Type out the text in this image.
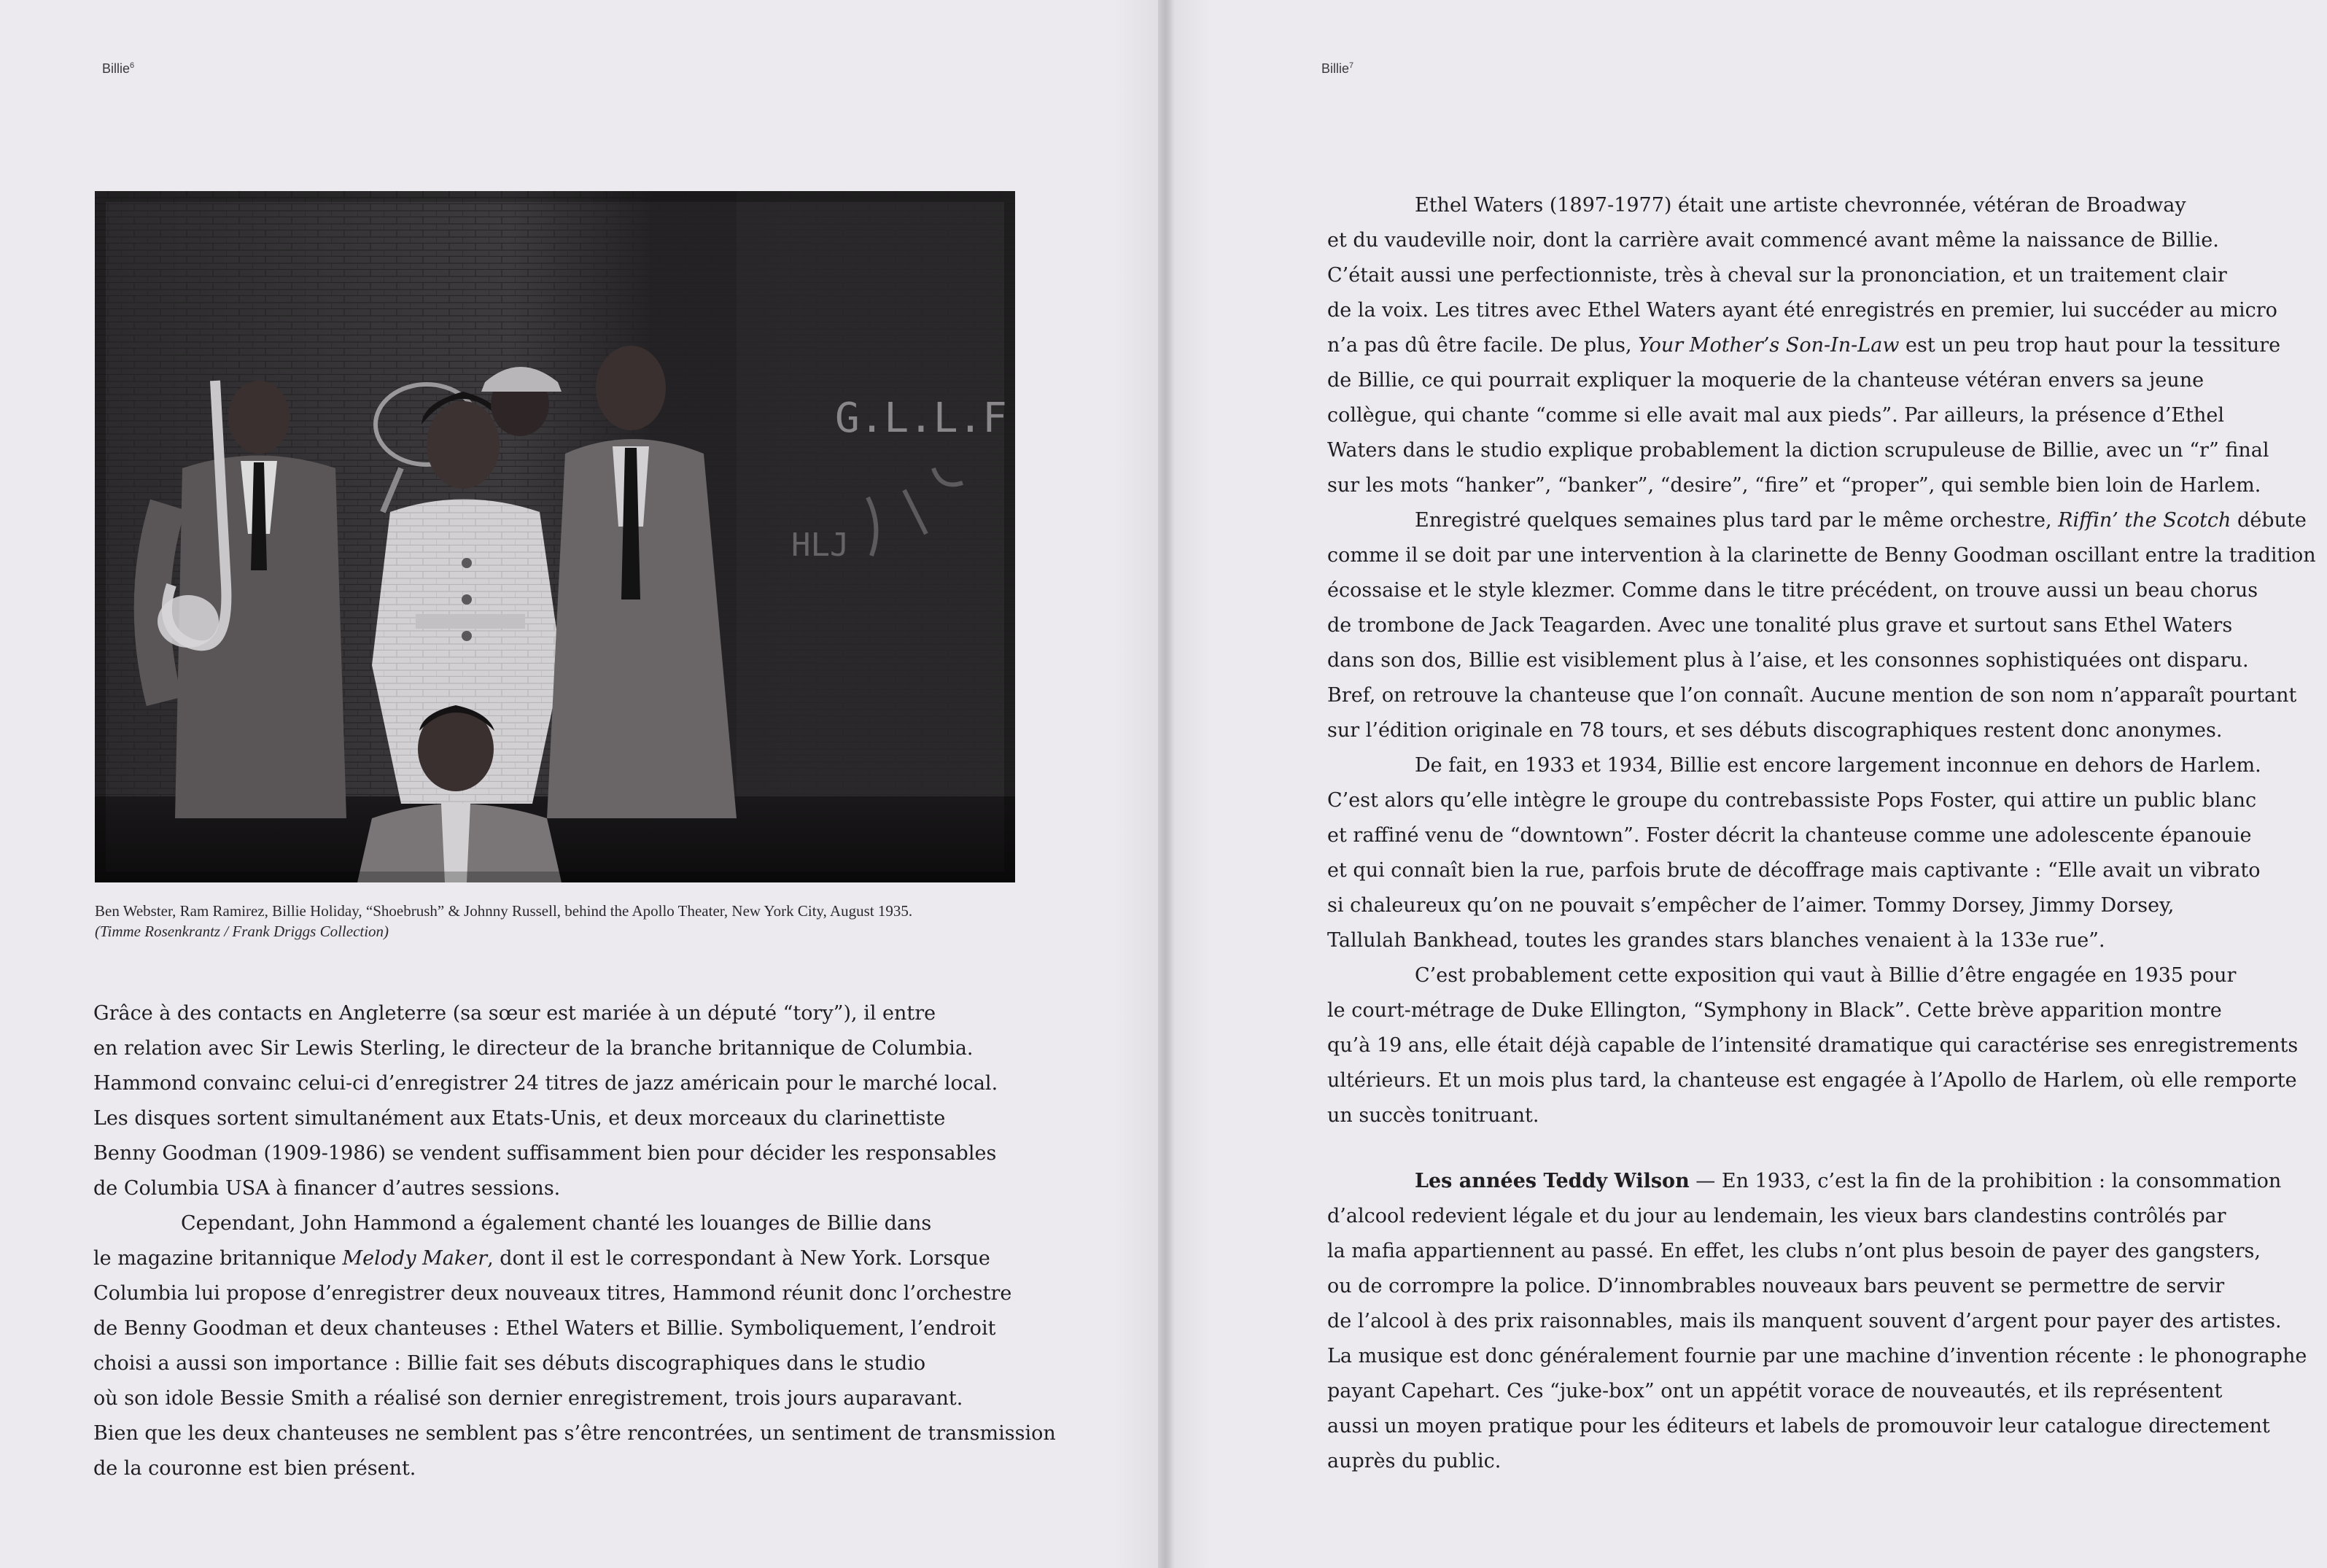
Billie$^6$
G.L.L.F
HLJ
Ben Webster, Ram Ramirez, Billie Holiday, “Shoebrush” & Johnny Russell, behind the Apollo Theater, New York City, August 1935.
(Timme Rosenkrantz / Frank Driggs Collection)
Grâce à des contacts en Angleterre (sa sœur est mariée à un député “tory”), il entre
en relation avec Sir Lewis Sterling, le directeur de la branche britannique de Columbia.
Hammond convainc celui-ci d’enregistrer 24 titres de jazz américain pour le marché local.
Les disques sortent simultanément aux Etats-Unis, et deux morceaux du clarinettiste
Benny Goodman (1909-1986) se vendent suffisamment bien pour décider les responsables
de Columbia USA à financer d’autres sessions.
Cependant, John Hammond a également chanté les louanges de Billie dans
le magazine britannique Melody Maker, dont il est le correspondant à New York. Lorsque
Columbia lui propose d’enregistrer deux nouveaux titres, Hammond réunit donc l’orchestre
de Benny Goodman et deux chanteuses : Ethel Waters et Billie. Symboliquement, l’endroit
choisi a aussi son importance : Billie fait ses débuts discographiques dans le studio
où son idole Bessie Smith a réalisé son dernier enregistrement, trois jours auparavant.
Bien que les deux chanteuses ne semblent pas s’être rencontrées, un sentiment de transmission
de la couronne est bien présent.
Billie$^7$
Ethel Waters (1897-1977) était une artiste chevronnée, vétéran de Broadway
et du vaudeville noir, dont la carrière avait commencé avant même la naissance de Billie.
C’était aussi une perfectionniste, très à cheval sur la prononciation, et un traitement clair
de la voix. Les titres avec Ethel Waters ayant été enregistrés en premier, lui succéder au micro
n’a pas dû être facile. De plus, Your Mother’s Son-In-Law est un peu trop haut pour la tessiture
de Billie, ce qui pourrait expliquer la moquerie de la chanteuse vétéran envers sa jeune
collègue, qui chante “comme si elle avait mal aux pieds”. Par ailleurs, la présence d’Ethel
Waters dans le studio explique probablement la diction scrupuleuse de Billie, avec un “r” final
sur les mots “hanker”, “banker”, “desire”, “fire” et “proper”, qui semble bien loin de Harlem.
Enregistré quelques semaines plus tard par le même orchestre, Riffin’ the Scotch débute
comme il se doit par une intervention à la clarinette de Benny Goodman oscillant entre la tradition
écossaise et le style klezmer. Comme dans le titre précédent, on trouve aussi un beau chorus
de trombone de Jack Teagarden. Avec une tonalité plus grave et surtout sans Ethel Waters
dans son dos, Billie est visiblement plus à l’aise, et les consonnes sophistiquées ont disparu.
Bref, on retrouve la chanteuse que l’on connaît. Aucune mention de son nom n’apparaît pourtant
sur l’édition originale en 78 tours, et ses débuts discographiques restent donc anonymes.
De fait, en 1933 et 1934, Billie est encore largement inconnue en dehors de Harlem.
C’est alors qu’elle intègre le groupe du contrebassiste Pops Foster, qui attire un public blanc
et raffiné venu de “downtown”. Foster décrit la chanteuse comme une adolescente épanouie
et qui connaît bien la rue, parfois brute de décoffrage mais captivante : “Elle avait un vibrato
si chaleureux qu’on ne pouvait s’empêcher de l’aimer. Tommy Dorsey, Jimmy Dorsey,
Tallulah Bankhead, toutes les grandes stars blanches venaient à la 133e rue”.
C’est probablement cette exposition qui vaut à Billie d’être engagée en 1935 pour
le court-métrage de Duke Ellington, “Symphony in Black”. Cette brève apparition montre
qu’à 19 ans, elle était déjà capable de l’intensité dramatique qui caractérise ses enregistrements
ultérieurs. Et un mois plus tard, la chanteuse est engagée à l’Apollo de Harlem, où elle remporte
un succès tonitruant.
Les années Teddy Wilson — En 1933, c’est la fin de la prohibition : la consommation
d’alcool redevient légale et du jour au lendemain, les vieux bars clandestins contrôlés par
la mafia appartiennent au passé. En effet, les clubs n’ont plus besoin de payer des gangsters,
ou de corrompre la police. D’innombrables nouveaux bars peuvent se permettre de servir
de l’alcool à des prix raisonnables, mais ils manquent souvent d’argent pour payer des artistes.
La musique est donc généralement fournie par une machine d’invention récente : le phonographe
payant Capehart. Ces “juke-box” ont un appétit vorace de nouveautés, et ils représentent
aussi un moyen pratique pour les éditeurs et labels de promouvoir leur catalogue directement
auprès du public.
